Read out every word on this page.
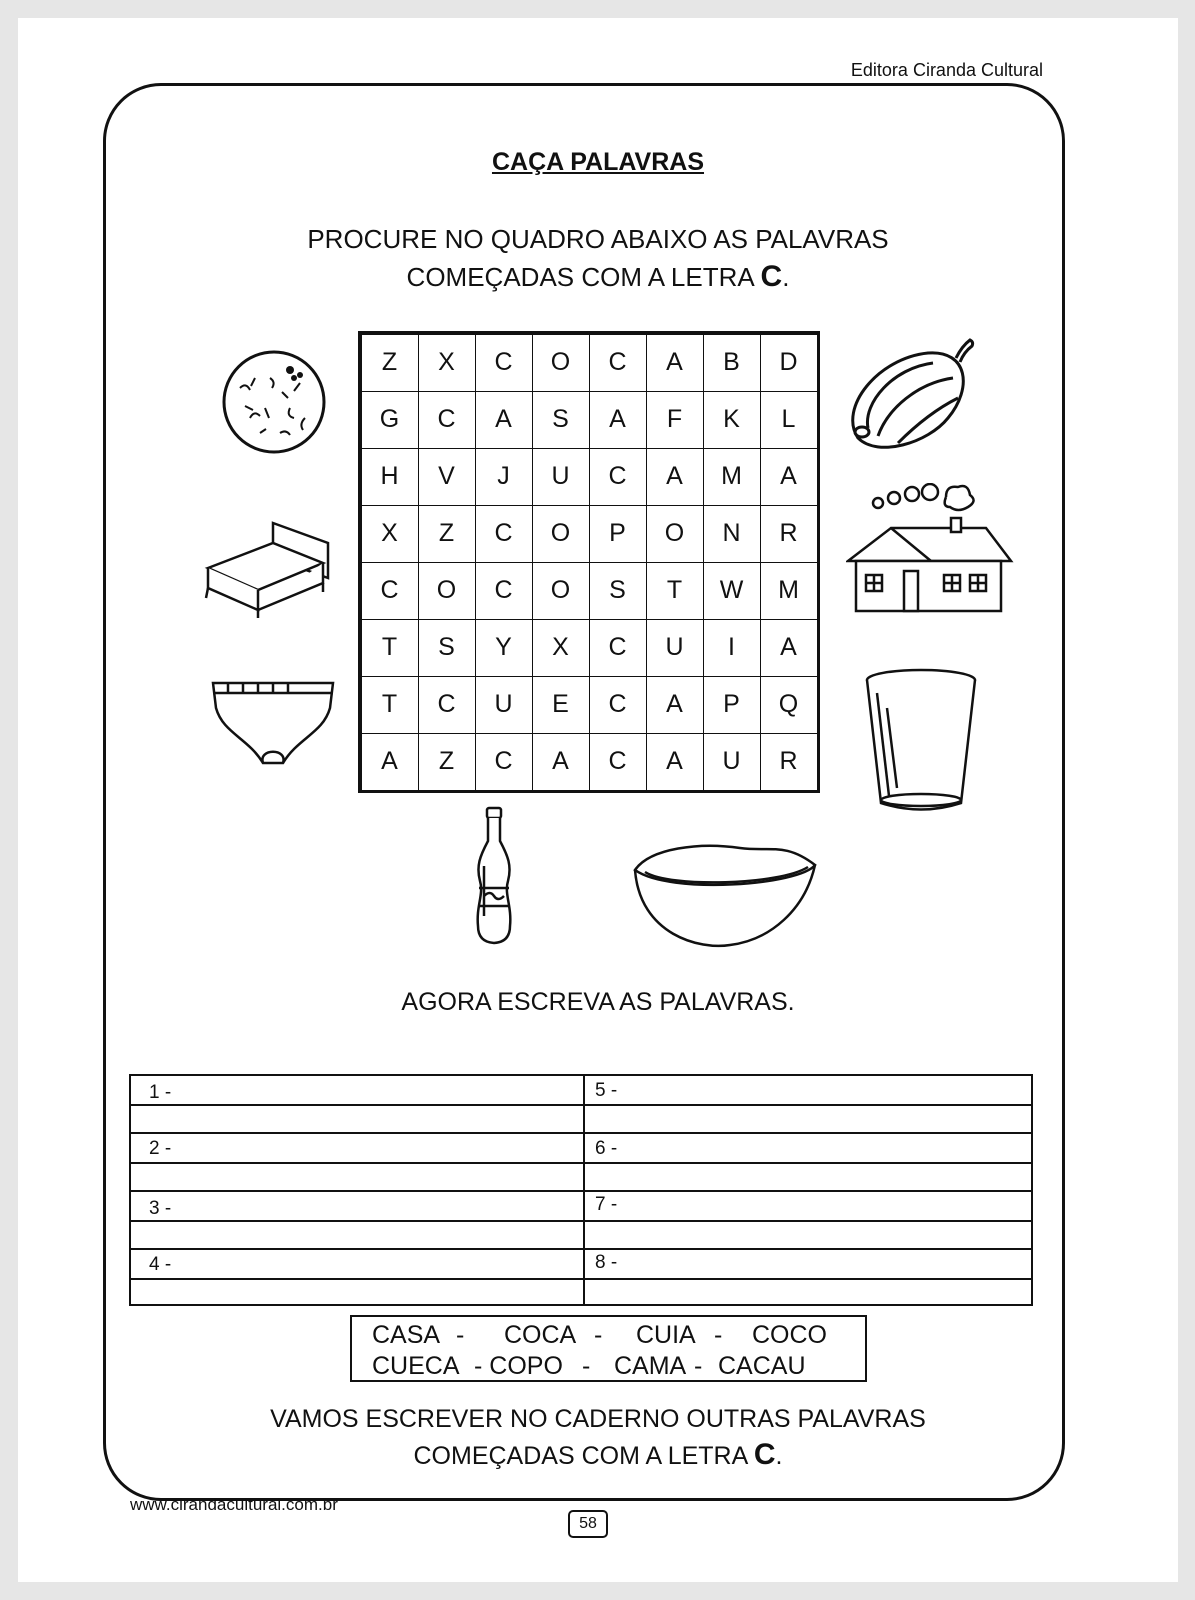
Editora Ciranda Cultural
CAÇA PALAVRAS
PROCURE NO QUADRO ABAIXO AS PALAVRAS
COMEÇADAS COM A LETRA C.
Z	X	C	O	C	A	B	D
G	C	A	S	A	F	K	L
H	V	J	U	C	A	M	A
X	Z	C	O	P	O	N	R
C	O	C	O	S	T	W	M
T	S	Y	X	C	U	I	A
T	C	U	E	C	A	P	Q
A	Z	C	A	C	A	U	R
AGORA ESCREVA AS PALAVRAS.
1 -
2 -
3 -
4 -
5 -
6 -
7 -
8 -
CASA - COCA - CUIA - COCO
CUECA - COPO - CAMA - CACAU
VAMOS ESCREVER NO CADERNO OUTRAS PALAVRAS
COMEÇADAS COM A LETRA C.
www.cirandacultural.com.br
58
